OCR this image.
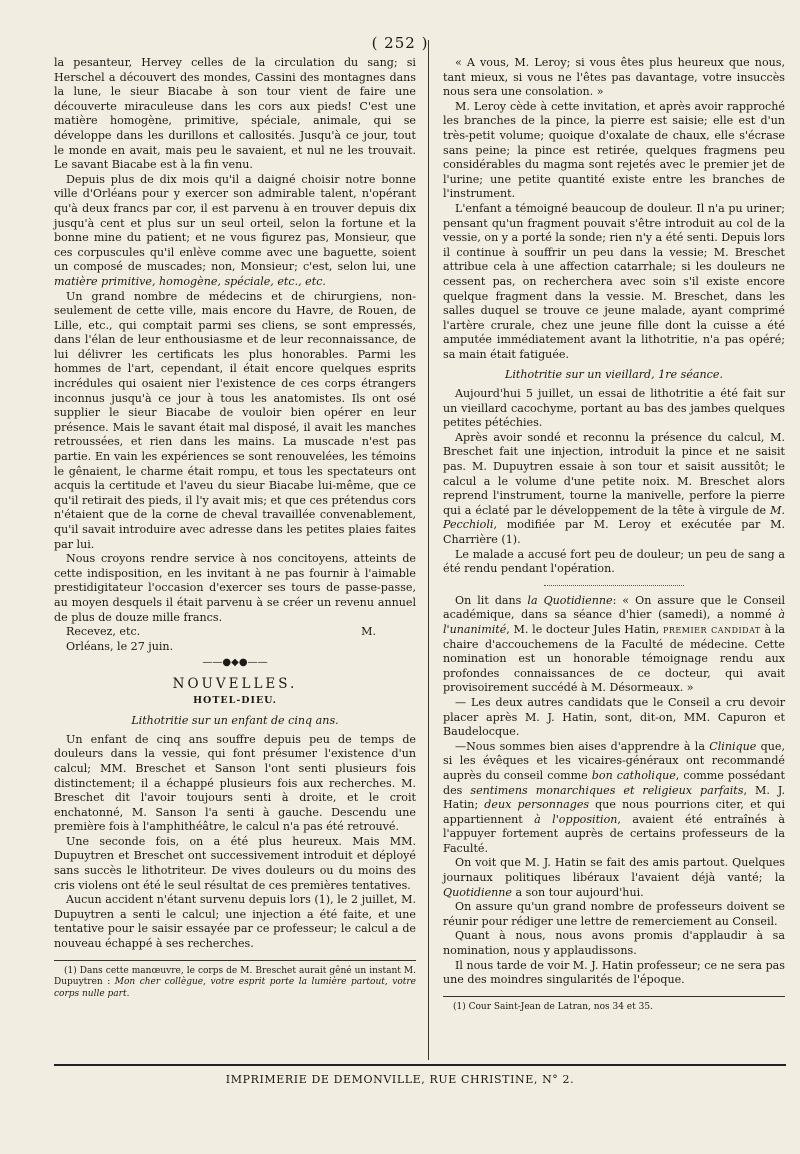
( 252 )

la pesanteur, Hervey celles de la circulation du sang; si Herschel a découvert des mondes, Cassini des montagnes dans la lune, le sieur Biacabe à son tour vient de faire une découverte miraculeuse dans les cors aux pieds! C'est une matière homogène, primitive, spéciale, animale, qui se développe dans les durillons et callosités. Jusqu'à ce jour, tout le monde en avait, mais peu le savaient, et nul ne les trouvait. Le savant Biacabe est à la fin venu.

Depuis plus de dix mois qu'il a daigné choisir notre bonne ville d'Orléans pour y exercer son admirable talent, n'opérant qu'à deux francs par cor, il est parvenu à en trouver depuis dix jusqu'à cent et plus sur un seul orteil, selon la fortune et la bonne mine du patient; et ne vous figurez pas, Monsieur, que ces corpuscules qu'il enlève comme avec une baguette, soient un composé de muscades; non, Monsieur; c'est, selon lui, une matière primitive, homogène, spéciale, etc., etc.

Un grand nombre de médecins et de chirurgiens, non-seulement de cette ville, mais encore du Havre, de Rouen, de Lille, etc., qui comptait parmi ses cliens, se sont empressés, dans l'élan de leur enthousiasme et de leur reconnaissance, de lui délivrer les certificats les plus honorables. Parmi les hommes de l'art, cependant, il était encore quelques esprits incrédules qui osaient nier l'existence de ces corps étrangers inconnus jusqu'à ce jour à tous les anatomistes. Ils ont osé supplier le sieur Biacabe de vouloir bien opérer en leur présence. Mais le savant était mal disposé, il avait les manches retroussées, et rien dans les mains. La muscade n'est pas partie. En vain les expériences se sont renouvelées, les témoins le gênaient, le charme était rompu, et tous les spectateurs ont acquis la certitude et l'aveu du sieur Biacabe lui-même, que ce qu'il retirait des pieds, il l'y avait mis; et que ces prétendus cors n'étaient que de la corne de cheval travaillée convenablement, qu'il savait introduire avec adresse dans les petites plaies faites par lui.

Nous croyons rendre service à nos concitoyens, atteints de cette indisposition, en les invitant à ne pas fournir à l'aimable prestidigitateur l'occasion d'exercer ses tours de passe-passe, au moyen desquels il était parvenu à se créer un revenu annuel de plus de douze mille francs.

Recevez, etc.	M.

Orléans, le 27 juin.

——●◆●——
NOUVELLES.
HOTEL-DIEU.
Lithotritie sur un enfant de cinq ans.

Un enfant de cinq ans souffre depuis peu de temps de douleurs dans la vessie, qui font présumer l'existence d'un calcul; MM. Breschet et Sanson l'ont senti plusieurs fois distinctement; il a échappé plusieurs fois aux recherches. M. Breschet dit l'avoir toujours senti à droite, et le croit enchatonné, M. Sanson l'a senti à gauche. Descendu une première fois à l'amphithéâtre, le calcul n'a pas été retrouvé.

Une seconde fois, on a été plus heureux. Mais MM. Dupuytren et Breschet ont successivement introduit et déployé sans succès le lithotriteur. De vives douleurs ou du moins des cris violens ont été le seul résultat de ces premières tentatives.

Aucun accident n'étant survenu depuis lors (1), le 2 juillet, M. Dupuytren a senti le calcul; une injection a été faite, et une tentative pour le saisir essayée par ce professeur; le calcul a de nouveau échappé à ses recherches.

(1) Dans cette manœuvre, le corps de M. Breschet aurait gêné un instant M. Dupuytren : Mon cher collègue, votre esprit porte la lumière partout, votre corps nulle part.

« A vous, M. Leroy; si vous êtes plus heureux que nous, tant mieux, si vous ne l'êtes pas davantage, votre insuccès nous sera une consolation. »

M. Leroy cède à cette invitation, et après avoir rapproché les branches de la pince, la pierre est saisie; elle est d'un très-petit volume; quoique d'oxalate de chaux, elle s'écrase sans peine; la pince est retirée, quelques fragmens peu considérables du magma sont rejetés avec le premier jet de l'urine; une petite quantité existe entre les branches de l'instrument.

L'enfant a témoigné beaucoup de douleur. Il n'a pu uriner; pensant qu'un fragment pouvait s'être introduit au col de la vessie, on y a porté la sonde; rien n'y a été senti. Depuis lors il continue à souffrir un peu dans la vessie; M. Breschet attribue cela à une affection catarrhale; si les douleurs ne cessent pas, on recherchera avec soin s'il existe encore quelque fragment dans la vessie. M. Breschet, dans les salles duquel se trouve ce jeune malade, ayant comprimé l'artère crurale, chez une jeune fille dont la cuisse a été amputée immédiatement avant la lithotritie, n'a pas opéré; sa main était fatiguée.

Lithotritie sur un vieillard, 1re séance.

Aujourd'hui 5 juillet, un essai de lithotritie a été fait sur un vieillard cacochyme, portant au bas des jambes quelques petites pétéchies.

Après avoir sondé et reconnu la présence du calcul, M. Breschet fait une injection, introduit la pince et ne saisit pas. M. Dupuytren essaie à son tour et saisit aussitôt; le calcul a le volume d'une petite noix. M. Breschet alors reprend l'instrument, tourne la manivelle, perfore la pierre qui a éclaté par le développement de la tête à virgule de M. Pecchioli, modifiée par M. Leroy et exécutée par M. Charrière (1).

Le malade a accusé fort peu de douleur; un peu de sang a été rendu pendant l'opération.

On lit dans la Quotidienne: « On assure que le Conseil académique, dans sa séance d'hier (samedi), a nommé à l'unanimité, M. le docteur Jules Hatin, premier candidat à la chaire d'accouchemens de la Faculté de médecine. Cette nomination est un honorable témoignage rendu aux profondes connaissances de ce docteur, qui avait provisoirement succédé à M. Désormeaux. »

— Les deux autres candidats que le Conseil a cru devoir placer après M. J. Hatin, sont, dit-on, MM. Capuron et Baudelocque.

—Nous sommes bien aises d'apprendre à la Clinique que, si les évêques et les vicaires-généraux ont recommandé auprès du conseil comme bon catholique, comme possédant des sentimens monarchiques et religieux parfaits, M. J. Hatin; deux personnages que nous pourrions citer, et qui appartiennent à l'opposition, avaient été entraînés à l'appuyer fortement auprès de certains professeurs de la Faculté.

On voit que M. J. Hatin se fait des amis partout. Quelques journaux politiques libéraux l'avaient déjà vanté; la Quotidienne a son tour aujourd'hui.

On assure qu'un grand nombre de professeurs doivent se réunir pour rédiger une lettre de remerciement au Conseil.

Quant à nous, nous avons promis d'applaudir à sa nomination, nous y applaudissons.

Il nous tarde de voir M. J. Hatin professeur; ce ne sera pas une des moindres singularités de l'époque.

(1) Cour Saint-Jean de Latran, nos 34 et 35.

IMPRIMERIE DE DEMONVILLE, RUE CHRISTINE, N° 2.
